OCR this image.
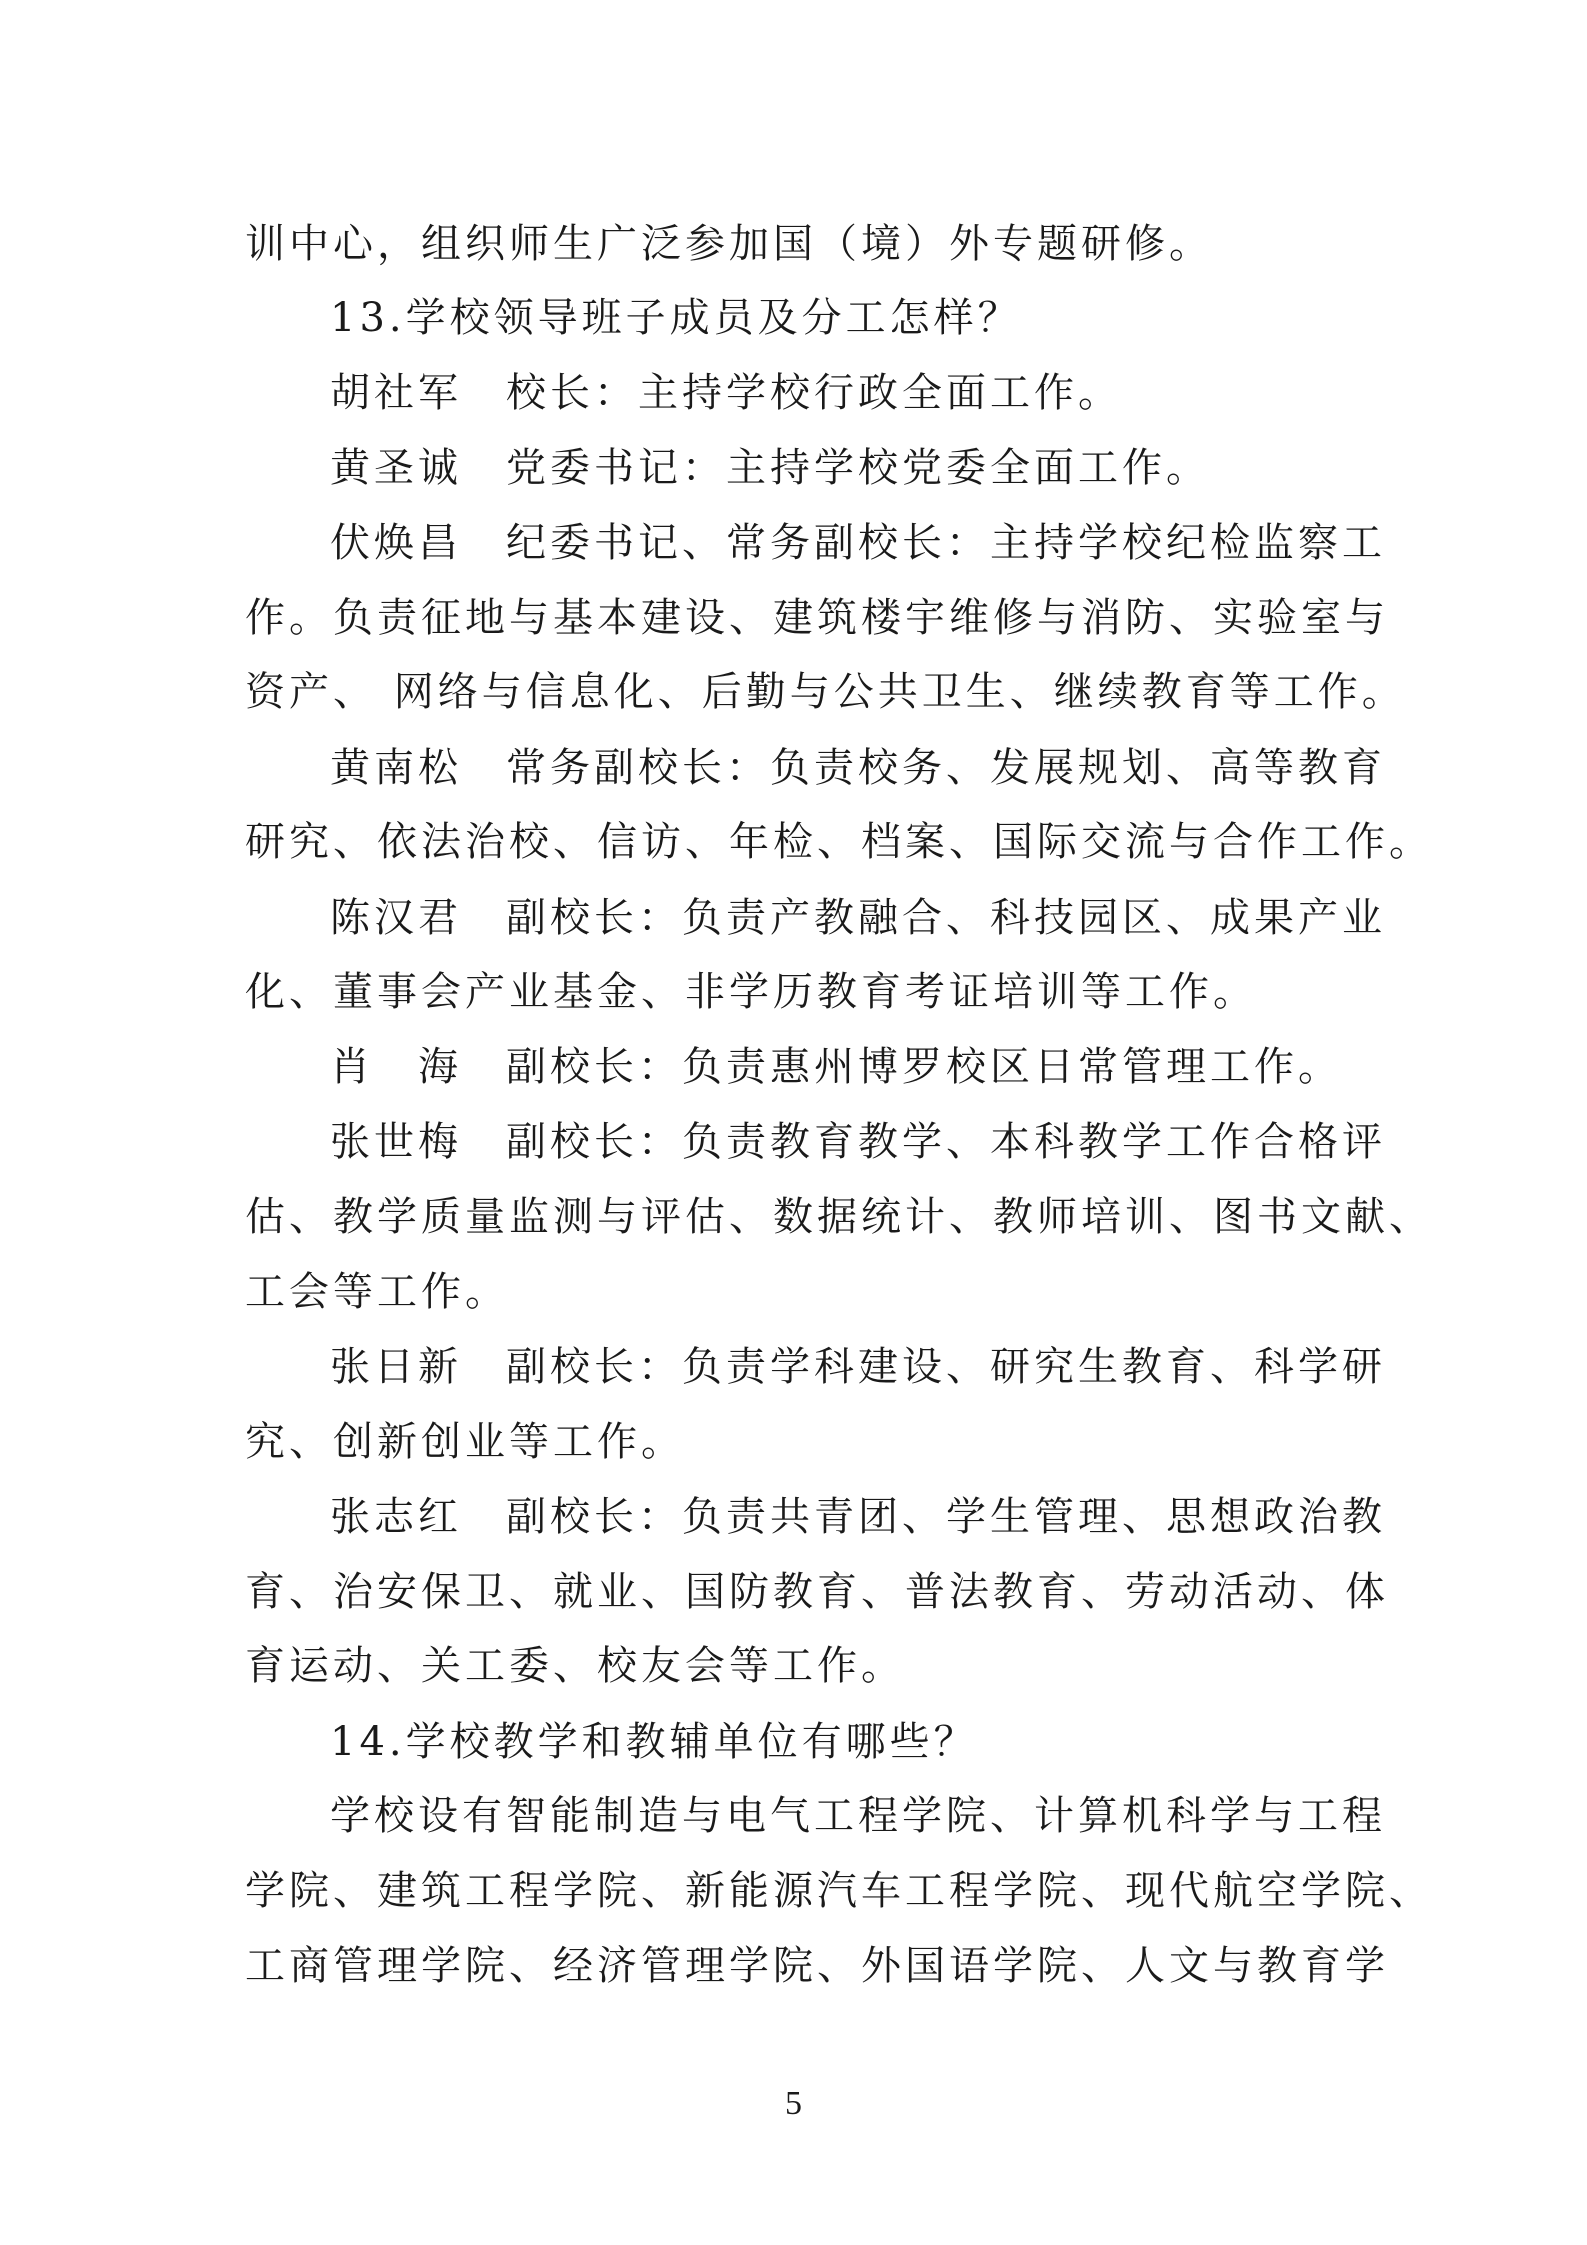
训中心，组织师生广泛参加国（境）外专题研修。
13.学校领导班子成员及分工怎样？
胡社军　校长：主持学校行政全面工作。
黄圣诚　党委书记：主持学校党委全面工作。
伏焕昌　纪委书记、常务副校长：主持学校纪检监察工
作。负责征地与基本建设、建筑楼宇维修与消防、实验室与
资产、 网络与信息化、后勤与公共卫生、继续教育等工作。
黄南松　常务副校长：负责校务、发展规划、高等教育
研究、依法治校、信访、年检、档案、国际交流与合作工作。
陈汉君　副校长：负责产教融合、科技园区、成果产业
化、董事会产业基金、非学历教育考证培训等工作。
肖　海　副校长：负责惠州博罗校区日常管理工作。
张世梅　副校长：负责教育教学、本科教学工作合格评
估、教学质量监测与评估、数据统计、教师培训、图书文献、
工会等工作。
张日新　副校长：负责学科建设、研究生教育、科学研
究、创新创业等工作。
张志红　副校长：负责共青团、学生管理、思想政治教
育、治安保卫、就业、国防教育、普法教育、劳动活动、体
育运动、关工委、校友会等工作。
14.学校教学和教辅单位有哪些？
学校设有智能制造与电气工程学院、计算机科学与工程
学院、建筑工程学院、新能源汽车工程学院、现代航空学院、
工商管理学院、经济管理学院、外国语学院、人文与教育学
5
